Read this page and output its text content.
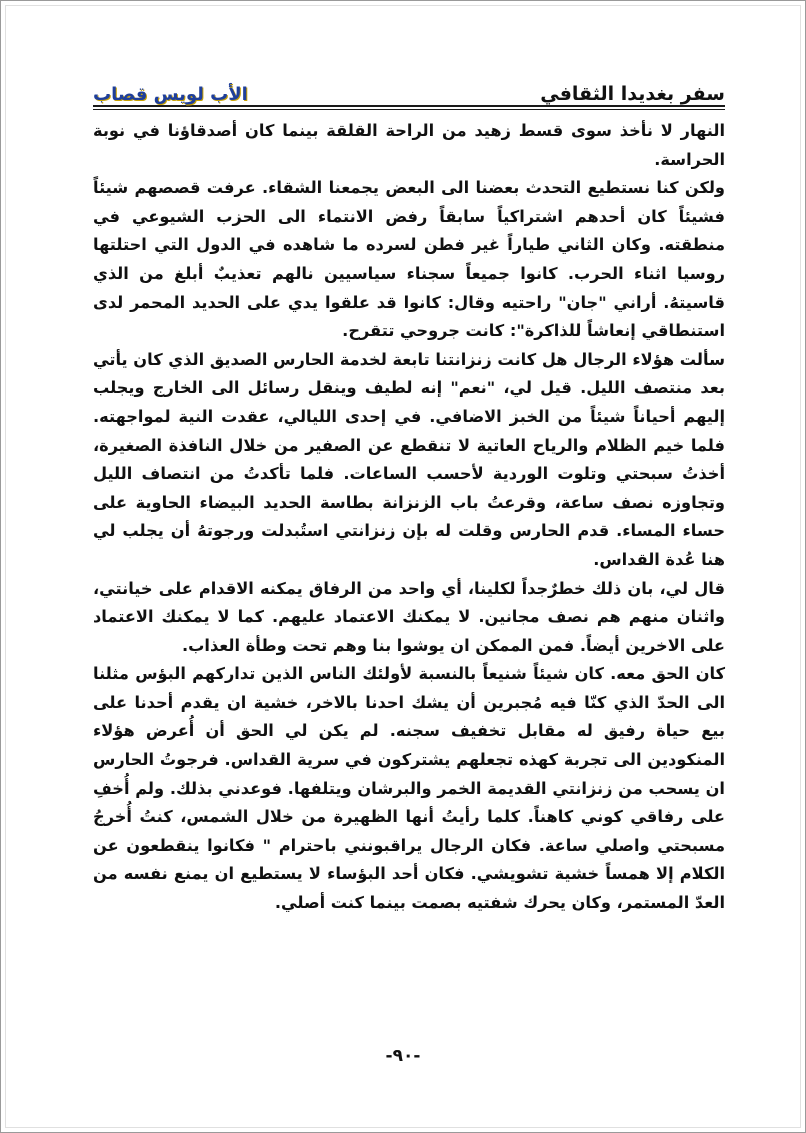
سفر بغديدا الثقافي
الأب لويس قصاب

النهار لا نأخذ سوى قسط زهيد من الراحة القلقة بينما كان أصدقاؤنا في نوبة الحراسة.

ولكن كنا نستطيع التحدث بعضنا الى البعض يجمعنا الشقاء. عرفت قصصهم شيئاً فشيئاً كان أحدهم اشتراكياً سابقاً رفض الانتماء الى الحزب الشيوعي في منطقته. وكان الثاني طياراً غير فطن لسرده ما شاهده في الدول التي احتلتها روسيا اثناء الحرب. كانوا جميعاً سجناء سياسيين نالهم تعذيبٌ أبلغ من الذي قاسيتهُ. أراني "جان" راحتيه وقال: كانوا قد علقوا يدي على الحديد المحمر لدى استنطاقي إنعاشاً للذاكرة": كانت جروحي تتقرح.

سألت هؤلاء الرجال هل كانت زنزانتنا تابعة لخدمة الحارس الصديق الذي كان يأتي بعد منتصف الليل. قيل لي، "نعم" إنه لطيف وينقل رسائل الى الخارج ويجلب إليهم أحياناً شيئاً من الخبز الاضافي. في إحدى الليالي، عقدت النية لمواجهته. فلما خيم الظلام والرياح العاتية لا تنقطع عن الصفير من خلال النافذة الصغيرة، أخذتُ سبحتي وتلوت الوردية لأحسب الساعات. فلما تأكدتُ من انتصاف الليل وتجاوزه نصف ساعة، وقرعتُ باب الزنزانة بطاسة الحديد البيضاء الحاوية على حساء المساء. قدم الحارس وقلت له بإن زنزانتي استُبدلت ورجوتهُ أن يجلب لي هنا عُدة القداس.

قال لي، بان ذلك خطرٌجداً لكلينا، أي واحد من الرفاق يمكنه الاقدام على خيانتي، واثنان منهم هم نصف مجانين. لا يمكنك الاعتماد عليهم. كما لا يمكنك الاعتماد على الاخرين أيضاً. فمن الممكن ان يوشوا بنا وهم تحت وطأة العذاب.

كان الحق معه. كان شيئاً شنيعاً بالنسبة لأولئك الناس الذين تداركهم البؤس مثلنا الى الحدّ الذي كنّا فيه مُجبرين أن يشك احدنا بالاخر، خشية ان يقدم أحدنا على بيع حياة رفيق له مقابل تخفيف سجنه. لم يكن لي الحق أن أُعرض هؤلاء المنكودين الى تجربة كهذه تجعلهم يشتركون في سرية القداس. فرجوتُ الحارس ان يسحب من زنزانتي القديمة الخمر والبرشان ويتلفها. فوعدني بذلك. ولم أُخفِ على رفاقي كوني كاهناً. كلما رأيتُ أنها الظهيرة من خلال الشمس، كنتُ أُخرجُ مسبحتي واصلي ساعة. فكان الرجال يراقبونني باحترام " فكانوا ينقطعون عن الكلام إلا همساً خشية تشويشي. فكان أحد البؤساء لا يستطيع ان يمنع نفسه من العدّ المستمر، وكان يحرك شفتيه بصمت بينما كنت أصلي.

-٩٠-
